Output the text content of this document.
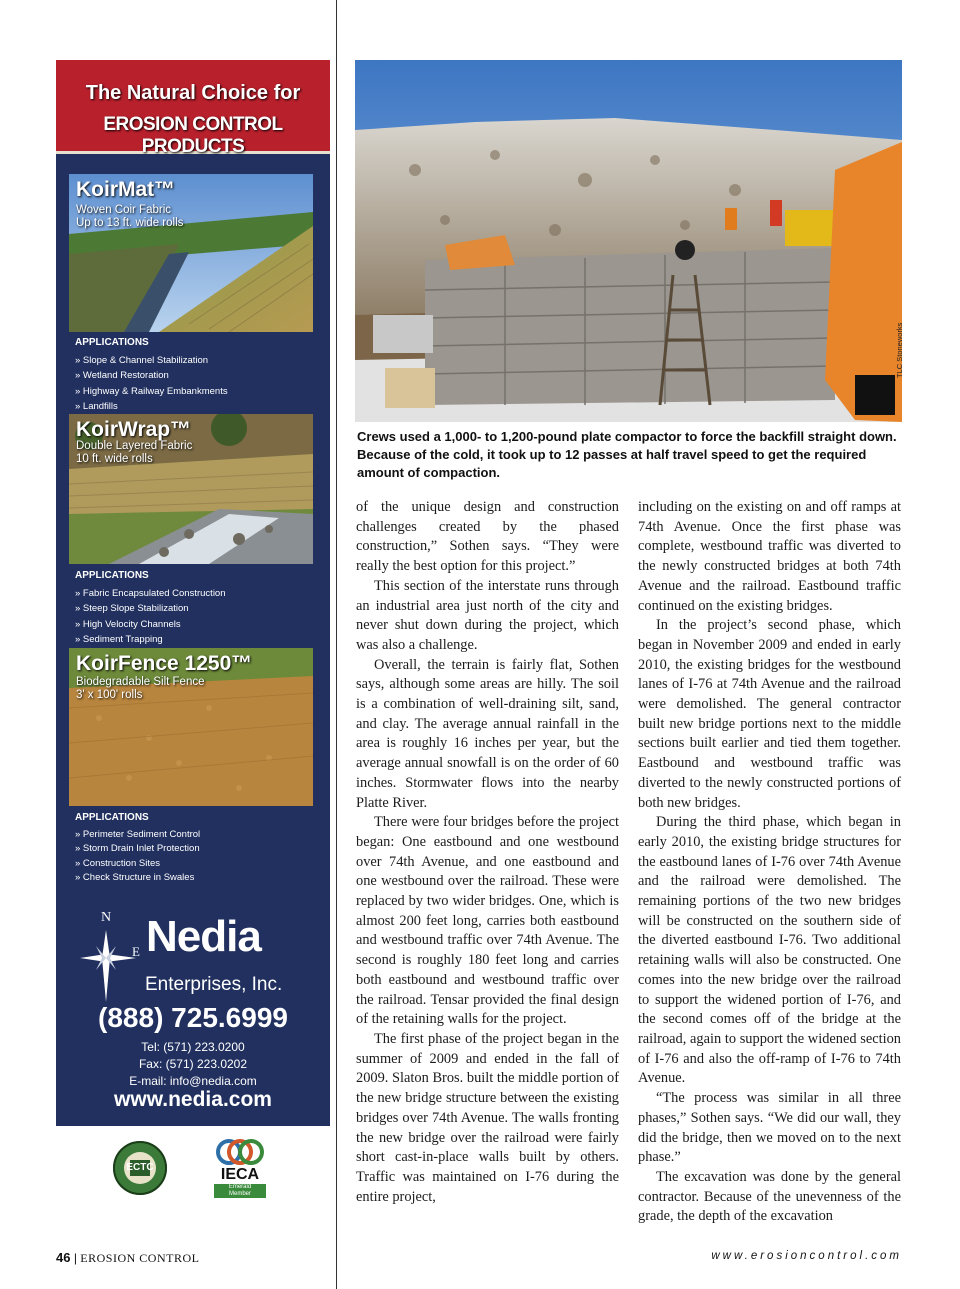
The Natural Choice for
EROSION CONTROL PRODUCTS
KoirMat™
Woven Coir Fabric
Up to 13 ft. wide rolls
APPLICATIONS
» Slope & Channel Stabilization
» Wetland Restoration
» Highway & Railway Embankments
» Landfills
KoirWrap™
Double Layered Fabric
10 ft. wide rolls
APPLICATIONS
» Fabric Encapsulated Construction
» Steep Slope Stabilization
» High Velocity Channels
» Sediment Trapping
KoirFence 1250™
Biodegradable Silt Fence
3' x 100' rolls
APPLICATIONS
» Perimeter Sediment Control
» Storm Drain Inlet Protection
» Construction Sites
» Check Structure in Swales
N
E Nedia
Enterprises, Inc.
(888) 725.6999
Tel: (571) 223.0200
Fax: (571) 223.0202
E-mail: info@nedia.com
www.nedia.com
ECTC	IECA
Emerald
Member
TLC Stoneworks
Crews used a 1,000- to 1,200-pound plate compactor to force the backfill straight down. Because of the cold, it took up to 12 passes at half travel speed to get the required amount of compaction.

of the unique design and construction challenges created by the phased construction,” Sothen says. “They were really the best option for this project.”

This section of the interstate runs through an industrial area just north of the city and never shut down during the project, which was also a challenge.

Overall, the terrain is fairly flat, Sothen says, although some areas are hilly. The soil is a combination of well-draining silt, sand, and clay. The average annual rainfall in the area is roughly 16 inches per year, but the average annual snowfall is on the order of 60 inches. Stormwater flows into the nearby Platte River.

There were four bridges before the project began: One eastbound and one westbound over 74th Avenue, and one eastbound and one westbound over the railroad. These were replaced by two wider bridges. One, which is almost 200 feet long, carries both eastbound and westbound traffic over 74th Avenue. The second is roughly 180 feet long and carries both eastbound and westbound traffic over the railroad. Tensar provided the final design of the retaining walls for the project.

The first phase of the project began in the summer of 2009 and ended in the fall of 2009. Slaton Bros. built the middle portion of the new bridge structure between the existing bridges over 74th Avenue. The walls fronting the new bridge over the railroad were fairly short cast-in-place walls built by others. Traffic was maintained on I-76 during the entire project,

including on the existing on and off ramps at 74th Avenue. Once the first phase was complete, westbound traffic was diverted to the newly constructed bridges at both 74th Avenue and the railroad. Eastbound traffic continued on the existing bridges.

In the project’s second phase, which began in November 2009 and ended in early 2010, the existing bridges for the westbound lanes of I-76 at 74th Avenue and the railroad were demolished. The general contractor built new bridge portions next to the middle sections built earlier and tied them together. Eastbound and westbound traffic was diverted to the newly constructed portions of both new bridges.

During the third phase, which began in early 2010, the existing bridge structures for the eastbound lanes of I-76 over 74th Avenue and the railroad were demolished. The remaining portions of the two new bridges will be constructed on the southern side of the diverted eastbound I-76. Two additional retaining walls will also be constructed. One comes into the new bridge over the railroad to support the widened portion of I-76, and the second comes off of the bridge at the railroad, again to support the widened section of I-76 and also the off-ramp of I-76 to 74th Avenue.

“The process was similar in all three phases,” Sothen says. “We did our wall, they did the bridge, then we moved on to the next phase.”

The excavation was done by the general contractor. Because of the unevenness of the grade, the depth of the excavation

46 | EROSION CONTROL	www.erosioncontrol.com
